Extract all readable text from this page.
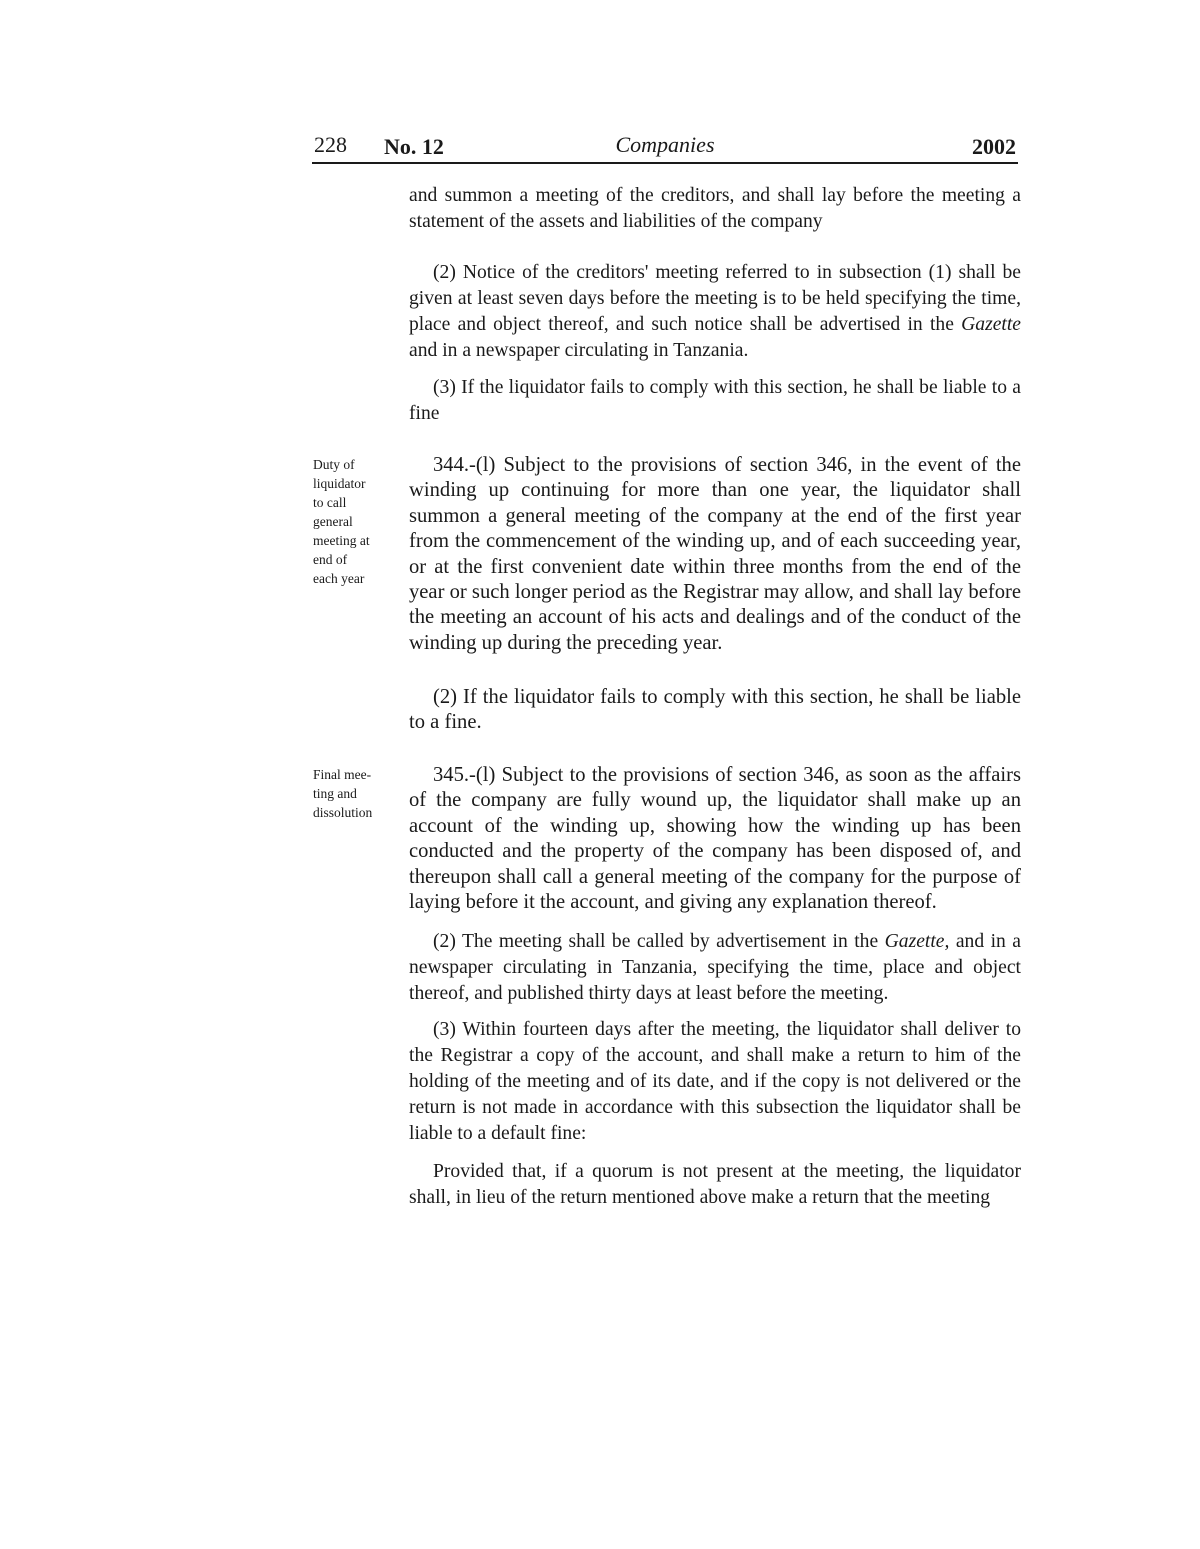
228 No. 12	Companies	2002

and summon a meeting of the creditors, and shall lay before the meeting a statement of the assets and liabilities of the company

(2) Notice of the creditors' meeting referred to in subsection (1) shall be given at least seven days before the meeting is to be held specifying the time, place and object thereof, and such notice shall be advertised in the Gazette and in a newspaper circulating in Tanzania.

(3) If the liquidator fails to comply with this section, he shall be liable to a fine

Duty of
liquidator
to call
general
meeting at
end of
each year

344.-(l) Subject to the provisions of section 346, in the event of the winding up continuing for more than one year, the liquidator shall summon a general meeting of the company at the end of the first year from the commencement of the winding up, and of each succeeding year, or at the first convenient date within three months from the end of the year or such longer period as the Registrar may allow, and shall lay before the meeting an account of his acts and dealings and of the conduct of the winding up during the preceding year.

(2) If the liquidator fails to comply with this section, he shall be liable to a fine.

Final mee-
ting and
dissolution

345.-(l) Subject to the provisions of section 346, as soon as the affairs of the company are fully wound up, the liquidator shall make up an account of the winding up, showing how the winding up has been conducted and the property of the company has been disposed of, and thereupon shall call a general meeting of the company for the purpose of laying before it the account, and giving any explanation thereof.

(2) The meeting shall be called by advertisement in the Gazette, and in a newspaper circulating in Tanzania, specifying the time, place and object thereof, and published thirty days at least before the meeting.

(3) Within fourteen days after the meeting, the liquidator shall deliver to the Registrar a copy of the account, and shall make a return to him of the holding of the meeting and of its date, and if the copy is not delivered or the return is not made in accordance with this subsection the liquidator shall be liable to a default fine:

Provided that, if a quorum is not present at the meeting, the liquidator shall, in lieu of the return mentioned above make a return that the meeting
